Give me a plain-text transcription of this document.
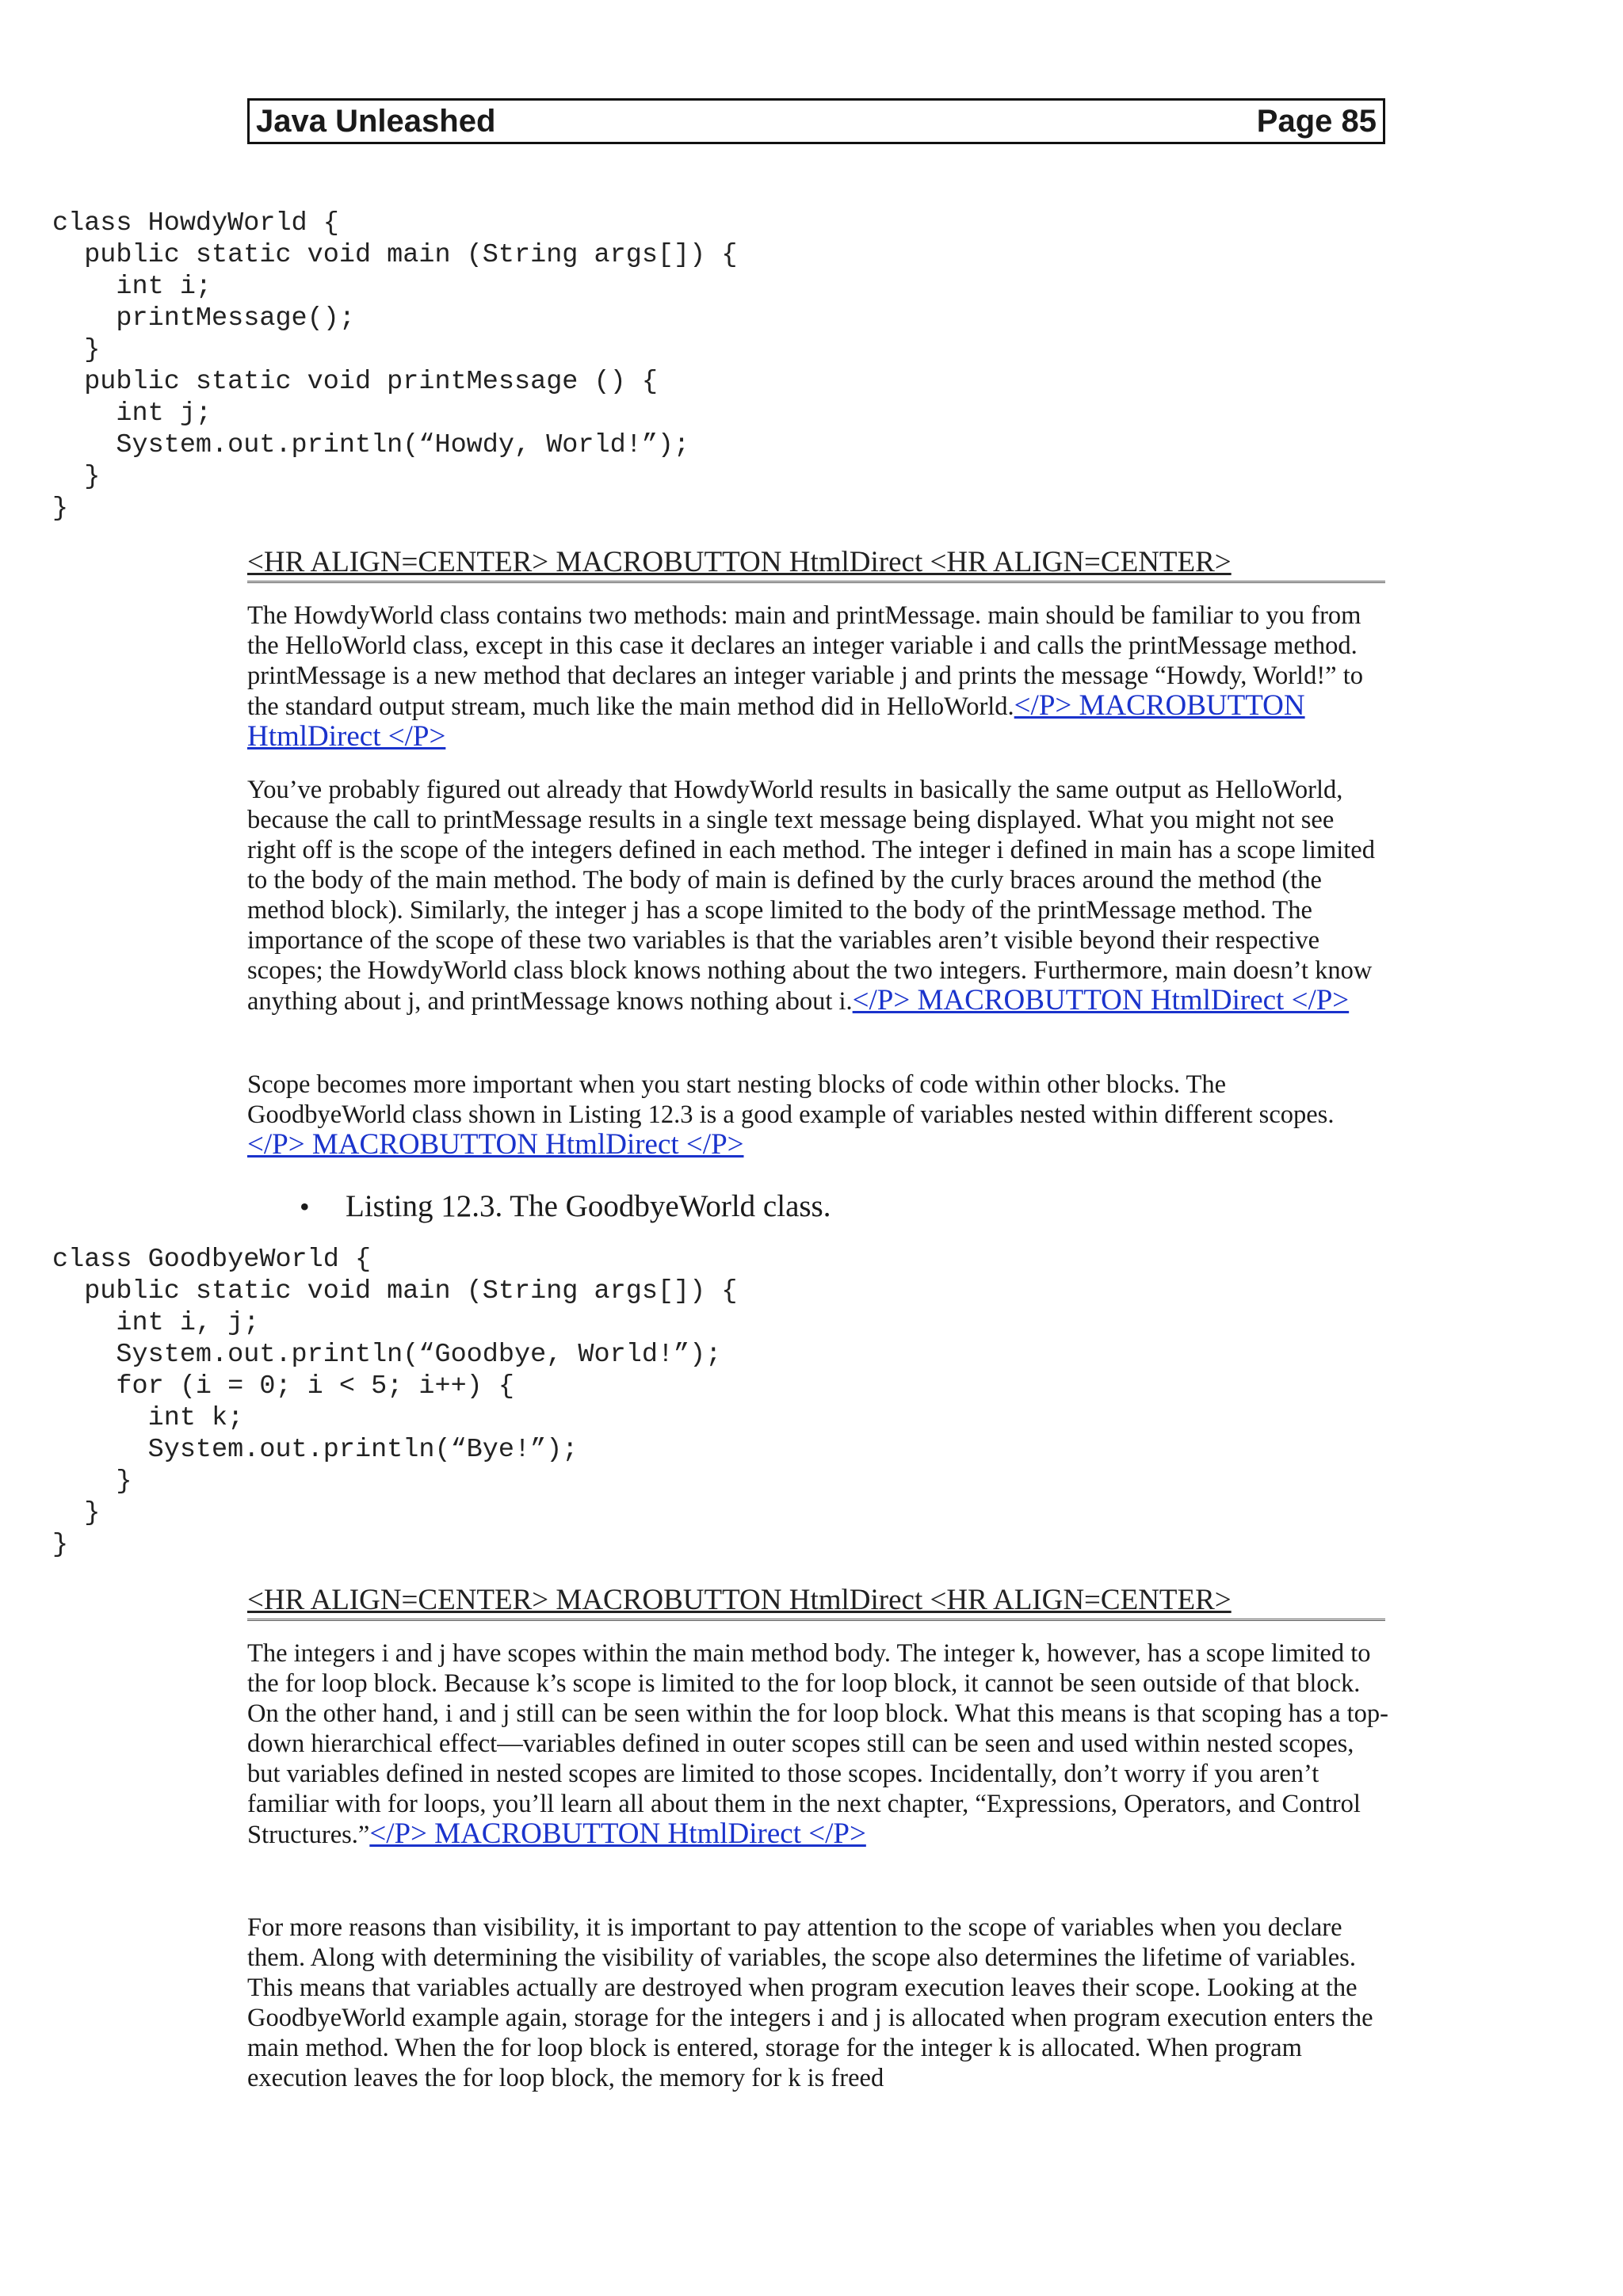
Java Unleashed	Page 85
class HowdyWorld {
public static void main (String args[]) {
int i;
printMessage();
}
public static void printMessage () {
int j;
System.out.println(“Howdy, World!”);
}
}
<HR ALIGN=CENTER> MACROBUTTON HtmlDirect <HR ALIGN=CENTER>

The HowdyWorld class contains two methods: main and printMessage. main should be familiar to you from the HelloWorld class, except in this case it declares an integer variable i and calls the printMessage method. printMessage is a new method that declares an integer variable j and prints the message “Howdy, World!” to the standard output stream, much like the main method did in HelloWorld.</P> MACROBUTTON HtmlDirect </P>

You’ve probably figured out already that HowdyWorld results in basically the same output as HelloWorld, because the call to printMessage results in a single text message being displayed. What you might not see right off is the scope of the integers defined in each method. The integer i defined in main has a scope limited to the body of the main method. The body of main is defined by the curly braces around the method (the method block). Similarly, the integer j has a scope limited to the body of the printMessage method. The importance of the scope of these two variables is that the variables aren’t visible beyond their respective scopes; the HowdyWorld class block knows nothing about the two integers. Furthermore, main doesn’t know anything about j, and printMessage knows nothing about i.</P> MACROBUTTON HtmlDirect </P>

Scope becomes more important when you start nesting blocks of code within other blocks. The GoodbyeWorld class shown in Listing 12.3 is a good example of variables nested within different scopes.</P> MACROBUTTON HtmlDirect </P>

• Listing 12.3. The GoodbyeWorld class.
class GoodbyeWorld {
public static void main (String args[]) {
int i, j;
System.out.println(“Goodbye, World!”);
for (i = 0; i < 5; i++) {
int k;
System.out.println(“Bye!”);
}
}
}
<HR ALIGN=CENTER> MACROBUTTON HtmlDirect <HR ALIGN=CENTER>

The integers i and j have scopes within the main method body. The integer k, however, has a scope limited to the for loop block. Because k’s scope is limited to the for loop block, it cannot be seen outside of that block. On the other hand, i and j still can be seen within the for loop block. What this means is that scoping has a top-down hierarchical effect—variables defined in outer scopes still can be seen and used within nested scopes, but variables defined in nested scopes are limited to those scopes. Incidentally, don’t worry if you aren’t familiar with for loops, you’ll learn all about them in the next chapter, “Expressions, Operators, and Control Structures.”</P> MACROBUTTON HtmlDirect </P>

For more reasons than visibility, it is important to pay attention to the scope of variables when you declare them. Along with determining the visibility of variables, the scope also determines the lifetime of variables. This means that variables actually are destroyed when program execution leaves their scope. Looking at the GoodbyeWorld example again, storage for the integers i and j is allocated when program execution enters the main method. When the for loop block is entered, storage for the integer k is allocated. When program execution leaves the for loop block, the memory for k is freed
